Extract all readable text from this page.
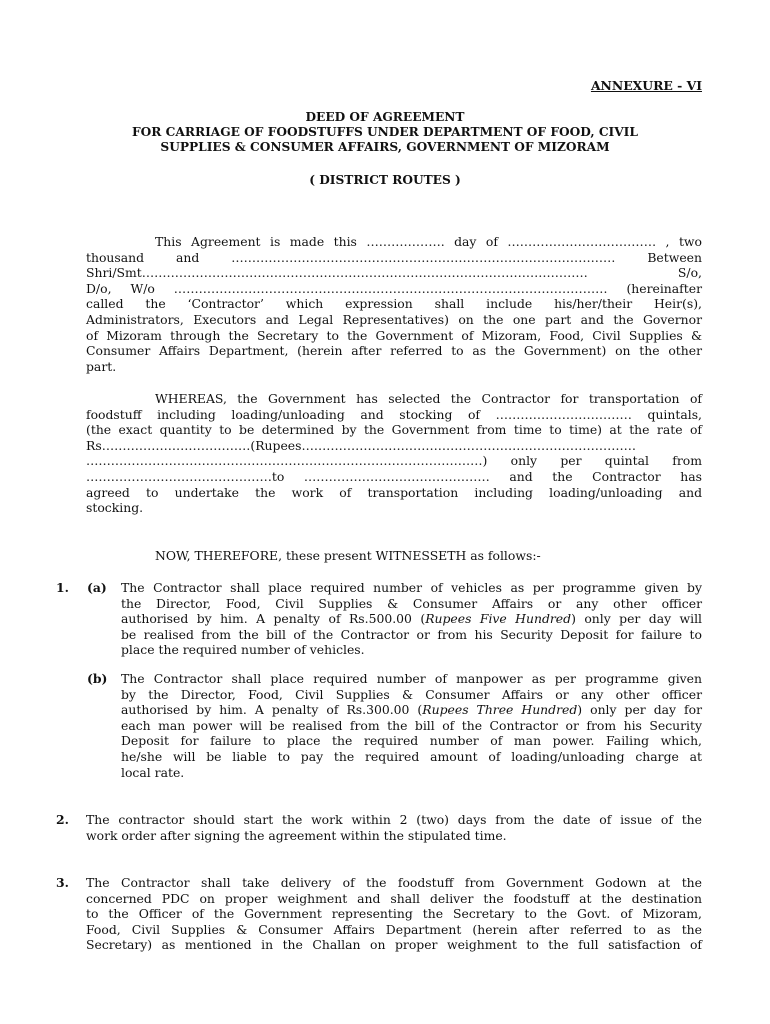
ANNEXURE - VI
DEED OF AGREEMENT
FOR CARRIAGE OF FOODSTUFFS UNDER DEPARTMENT OF FOOD, CIVIL
SUPPLIES & CONSUMER AFFAIRS, GOVERNMENT OF MIZORAM
( DISTRICT ROUTES )
This Agreement is made this ………………. day of ……………………………… , two
thousand and ………………………………………………………………………………… Between
Shri/Smt……………………………………………………………………………………………… S/o,
D/o, W/o …………………………………………………………………………………………… (hereinafter
called the ‘Contractor’ which expression shall include his/her/their Heir(s),
Administrators, Executors and Legal Representatives) on the one part and the Governor
of Mizoram through the Secretary to the Government of Mizoram, Food, Civil Supplies &
Consumer Affairs Department, (herein after referred to as the Government) on the other
part.
WHEREAS, the Government has selected the Contractor for transportation of
foodstuff including loading/unloading and stocking of …………………………… quintals,
(the exact quantity to be determined by the Government from time to time) at the rate of
Rs………………………………(Rupees………………………………………………………………………
……………………………………………………………………………………) only per quintal from
………………………………………to ……………………………………… and the Contractor has
agreed to undertake the work of transportation including loading/unloading and
stocking.
NOW, THEREFORE, these present WITNESSETH as follows:-
1. (a) The Contractor shall place required number of vehicles as per programme given by
the Director, Food, Civil Supplies & Consumer Affairs or any other officer
authorised by him. A penalty of Rs.500.00 (Rupees Five Hundred) only per day will
be realised from the bill of the Contractor or from his Security Deposit for failure to
place the required number of vehicles.
(b) The Contractor shall place required number of manpower as per programme given
by the Director, Food, Civil Supplies & Consumer Affairs or any other officer
authorised by him. A penalty of Rs.300.00 (Rupees Three Hundred) only per day for
each man power will be realised from the bill of the Contractor or from his Security
Deposit for failure to place the required number of man power. Failing which,
he/she will be liable to pay the required amount of loading/unloading charge at
local rate.
2. The contractor should start the work within 2 (two) days from the date of issue of the
work order after signing the agreement within the stipulated time.
3. The Contractor shall take delivery of the foodstuff from Government Godown at the
concerned PDC on proper weighment and shall deliver the foodstuff at the destination
to the Officer of the Government representing the Secretary to the Govt. of Mizoram,
Food, Civil Supplies & Consumer Affairs Department (herein after referred to as the
Secretary) as mentioned in the Challan on proper weighment to the full satisfaction of
